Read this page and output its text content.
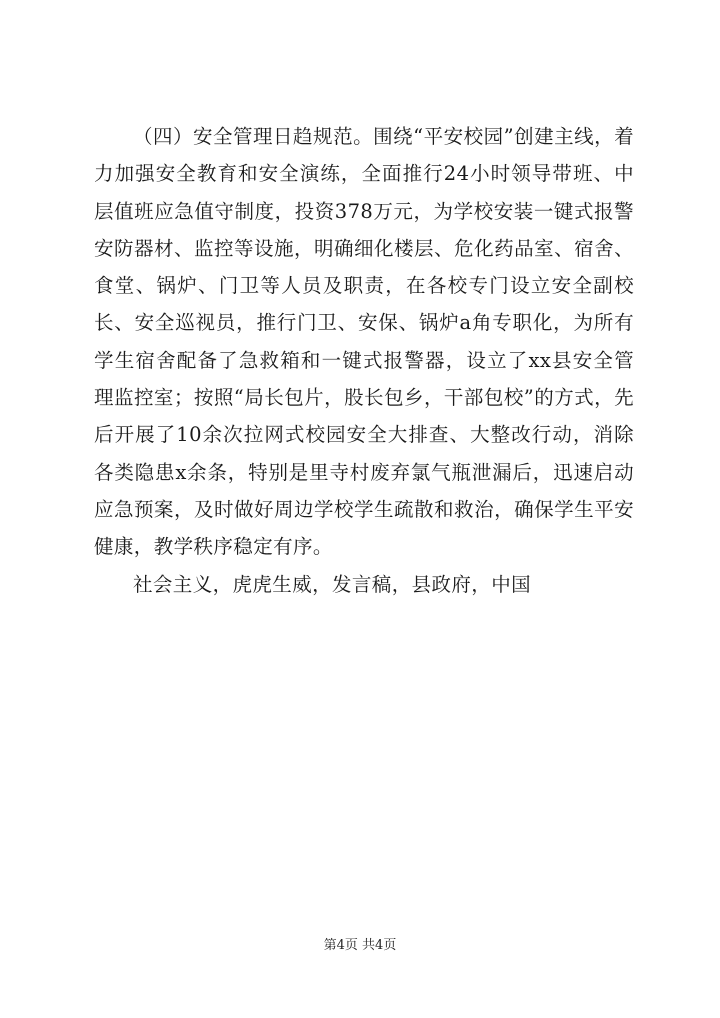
（四）安全管理日趋规范。围绕“平安校园”创建主线，着力加强安全教育和安全演练，全面推行24小时领导带班、中层值班应急值守制度，投资378万元，为学校安装一键式报警安防器材、监控等设施，明确细化楼层、危化药品室、宿舍、食堂、锅炉、门卫等人员及职责，在各校专门设立安全副校长、安全巡视员，推行门卫、安保、锅炉a角专职化，为所有学生宿舍配备了急救箱和一键式报警器，设立了xx县安全管理监控室；按照“局长包片，股长包乡，干部包校”的方式，先后开展了10余次拉网式校园安全大排查、大整改行动，消除各类隐患x余条，特别是里寺村废弃氯气瓶泄漏后，迅速启动应急预案，及时做好周边学校学生疏散和救治，确保学生平安健康，教学秩序稳定有序。

社会主义，虎虎生威，发言稿，县政府，中国

第4页 共4页
